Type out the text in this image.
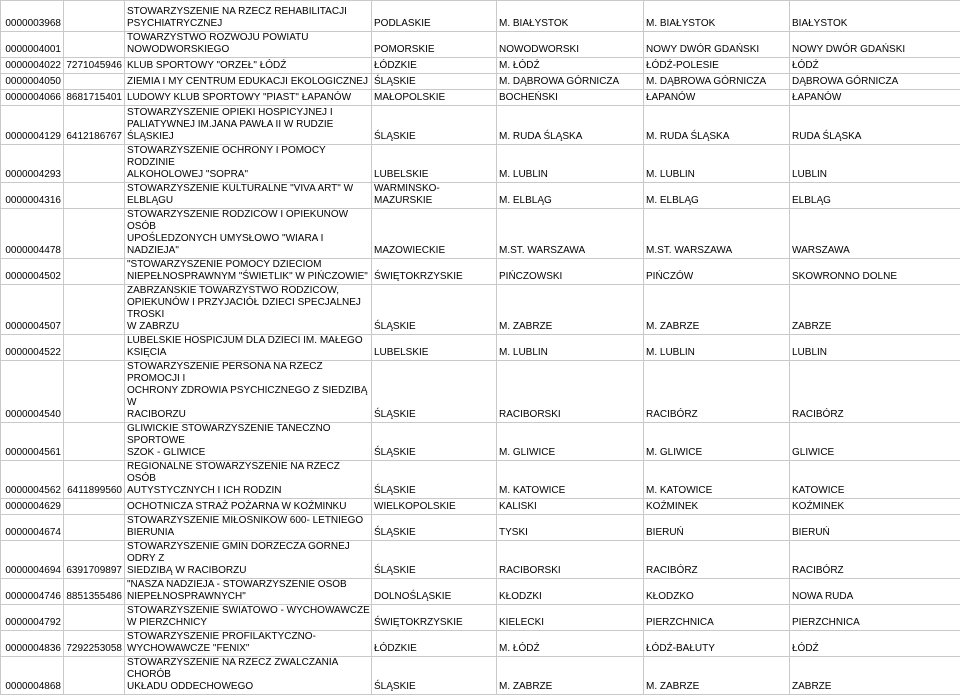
0000003968		STOWARZYSZENIE NA RZECZ REHABILITACJI
PSYCHIATRYCZNEJ	PODLASKIE	M. BIAŁYSTOK	M. BIAŁYSTOK	BIAŁYSTOK
0000004001		TOWARZYSTWO ROZWOJU POWIATU
NOWODWORSKIEGO	POMORSKIE	NOWODWORSKI	NOWY DWÓR GDAŃSKI	NOWY DWÓR GDAŃSKI
0000004022	7271045946	KLUB SPORTOWY "ORZEŁ" ŁÓDŹ	ŁÓDZKIE	M. ŁÓDŹ	ŁÓDŹ-POLESIE	ŁÓDŹ
0000004050		ZIEMIA I MY CENTRUM EDUKACJI EKOLOGICZNEJ	ŚLĄSKIE	M. DĄBROWA GÓRNICZA	M. DĄBROWA GÓRNICZA	DĄBROWA GÓRNICZA
0000004066	8681715401	LUDOWY KLUB SPORTOWY "PIAST" ŁAPANÓW	MAŁOPOLSKIE	BOCHEŃSKI	ŁAPANÓW	ŁAPANÓW
0000004129	6412186767	STOWARZYSZENIE OPIEKI HOSPICYJNEJ I
PALIATYWNEJ IM.JANA PAWŁA II W RUDZIE ŚLĄSKIEJ	ŚLĄSKIE	M. RUDA ŚLĄSKA	M. RUDA ŚLĄSKA	RUDA ŚLĄSKA
0000004293		STOWARZYSZENIE OCHRONY I POMOCY RODZINIE
ALKOHOLOWEJ "SOPRA"	LUBELSKIE	M. LUBLIN	M. LUBLIN	LUBLIN
0000004316		STOWARZYSZENIE KULTURALNE "VIVA ART" W
ELBLĄGU	WARMIŃSKO-MAZURSKIE	M. ELBLĄG	M. ELBLĄG	ELBLĄG
0000004478		STOWARZYSZENIE RODZICÓW I OPIEKUNÓW OSÓB
UPOŚLEDZONYCH UMYSŁOWO "WIARA I NADZIEJA"	MAZOWIECKIE	M.ST. WARSZAWA	M.ST. WARSZAWA	WARSZAWA
0000004502		"STOWARZYSZENIE POMOCY DZIECIOM
NIEPEŁNOSPRAWNYM "ŚWIETLIK" W PIŃCZOWIE"	ŚWIĘTOKRZYSKIE	PIŃCZOWSKI	PIŃCZÓW	SKOWRONNO DOLNE
0000004507		ZABRZAŃSKIE TOWARZYSTWO RODZICÓW,
OPIEKUNÓW I PRZYJACIÓŁ DZIECI SPECJALNEJ TROSKI
W ZABRZU	ŚLĄSKIE	M. ZABRZE	M. ZABRZE	ZABRZE
0000004522		LUBELSKIE HOSPICJUM DLA DZIECI IM. MAŁEGO
KSIĘCIA	LUBELSKIE	M. LUBLIN	M. LUBLIN	LUBLIN
0000004540		STOWARZYSZENIE PERSONA NA RZECZ PROMOCJI I
OCHRONY ZDROWIA PSYCHICZNEGO Z SIEDZIBĄ W
RACIBORZU	ŚLĄSKIE	RACIBORSKI	RACIBÓRZ	RACIBÓRZ
0000004561		GLIWICKIE STOWARZYSZENIE TANECZNO SPORTOWE
SZOK - GLIWICE	ŚLĄSKIE	M. GLIWICE	M. GLIWICE	GLIWICE
0000004562	6411899560	REGIONALNE STOWARZYSZENIE NA RZECZ OSÓB
AUTYSTYCZNYCH I ICH RODZIN	ŚLĄSKIE	M. KATOWICE	M. KATOWICE	KATOWICE
0000004629		OCHOTNICZA STRAŻ POŻARNA W KOŹMINKU	WIELKOPOLSKIE	KALISKI	KOŹMINEK	KOŹMINEK
0000004674		STOWARZYSZENIE MIŁOŚNIKÓW 600- LETNIEGO
BIERUNIA	ŚLĄSKIE	TYSKI	BIERUŃ	BIERUŃ
0000004694	6391709897	STOWARZYSZENIE GMIN DORZECZA GÓRNEJ ODRY Z
SIEDZIBĄ W RACIBORZU	ŚLĄSKIE	RACIBORSKI	RACIBÓRZ	RACIBÓRZ
0000004746	8851355486	"NASZA NADZIEJA - STOWARZYSZENIE OSÓB
NIEPEŁNOSPRAWNYCH"	DOLNOŚLĄSKIE	KŁODZKI	KŁODZKO	NOWA RUDA
0000004792		STOWARZYSZENIE ŚWIATOWO - WYCHOWAWCZE
W PIERZCHNICY	ŚWIĘTOKRZYSKIE	KIELECKI	PIERZCHNICA	PIERZCHNICA
0000004836	7292253058	STOWARZYSZENIE PROFILAKTYCZNO-
WYCHOWAWCZE "FENIX"	ŁÓDZKIE	M. ŁÓDŹ	ŁÓDŹ-BAŁUTY	ŁÓDŹ
0000004868		STOWARZYSZENIE NA RZECZ ZWALCZANIA CHORÓB
UKŁADU ODDECHOWEGO	ŚLĄSKIE	M. ZABRZE	M. ZABRZE	ZABRZE
